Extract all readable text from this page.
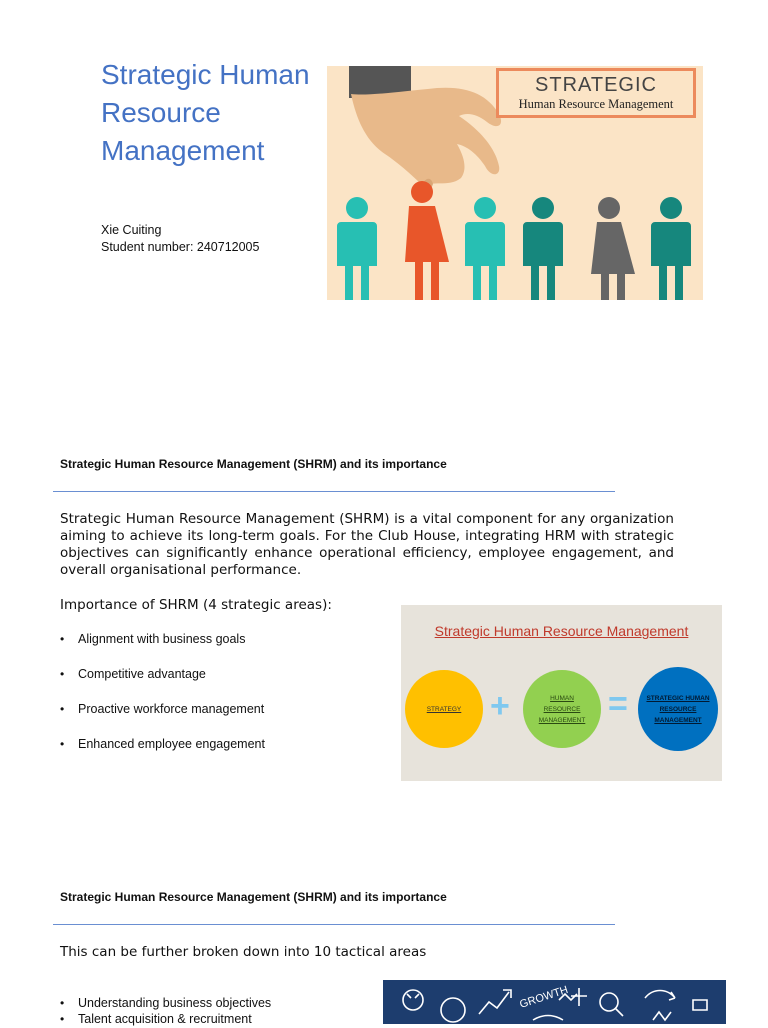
Strategic Human Resource Management
Xie Cuiting
Student number: 240712005
STRATEGIC
Human Resource Management
Strategic Human Resource Management (SHRM) and its importance

Strategic Human Resource Management (SHRM) is a vital component for any organization aiming to achieve its long-term goals. For the Club House, integrating HRM with strategic objectives can significantly enhance operational efficiency, employee engagement, and overall organisational performance.

Importance of SHRM (4 strategic areas):

• Alignment with business goals
• Competitive advantage
• Proactive workforce management
• Enhanced employee engagement
Strategic Human Resource Management
STRATEGY +	HUMAN RESOURCE MANAGEMENT =	STRATEGIC HUMAN RESOURCE MANAGEMENT
Strategic Human Resource Management (SHRM) and its importance

This can be further broken down into 10 tactical areas

• Understanding business objectives
• Talent acquisition & recruitment
GROWTH
